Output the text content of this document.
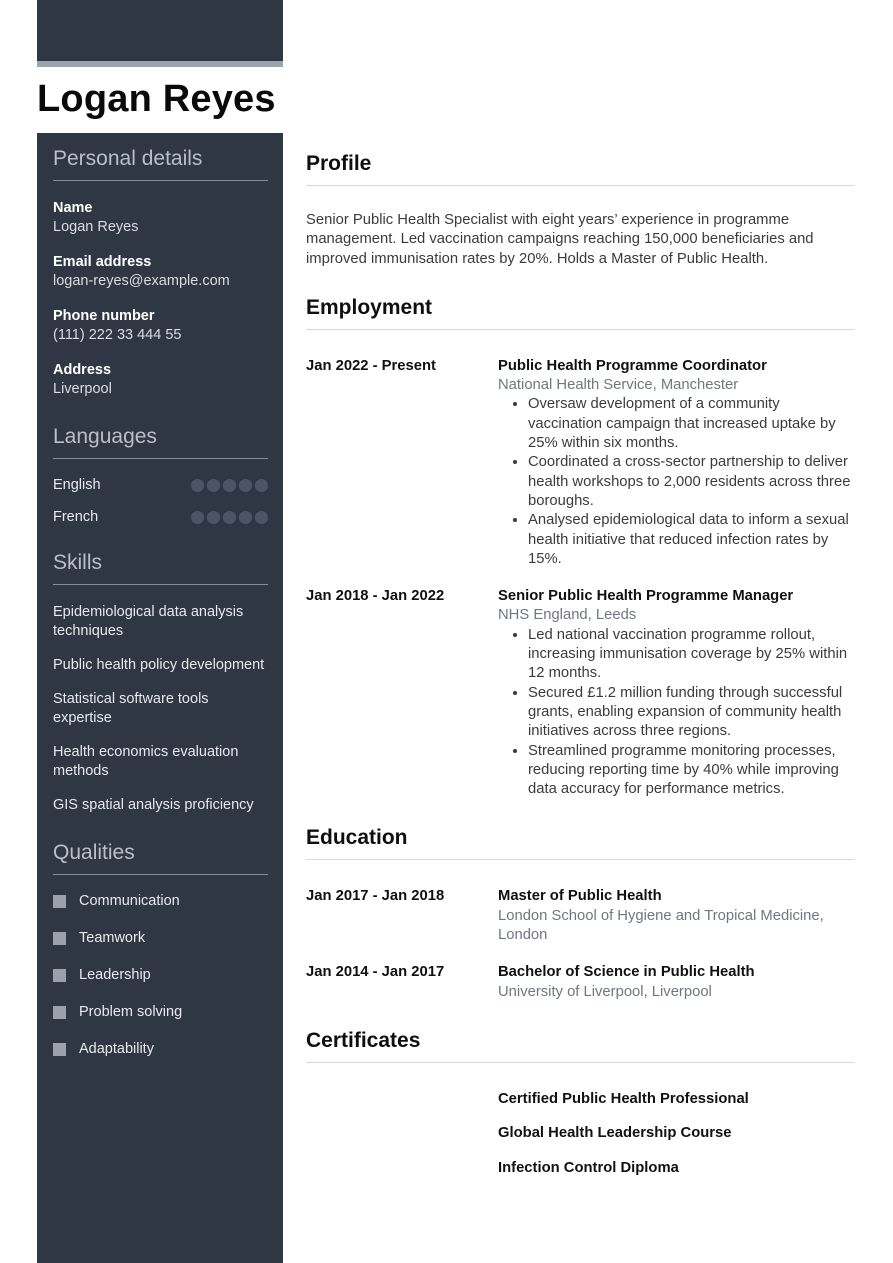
Logan Reyes
Personal details
Name
Logan Reyes
Email address
logan-reyes@example.com
Phone number
(111) 222 33 444 55
Address
Liverpool
Languages
English
French
Skills
Epidemiological data analysis techniques
Public health policy development
Statistical software tools expertise
Health economics evaluation methods
GIS spatial analysis proficiency
Qualities
Communication
Teamwork
Leadership
Problem solving
Adaptability
Profile

Senior Public Health Specialist with eight years’ experience in programme management. Led vaccination campaigns reaching 150,000 beneficiaries and improved immunisation rates by 20%. Holds a Master of Public Health.

Employment
Jan 2022 - Present	Public Health Programme Coordinator
National Health Service, Manchester
• Oversaw development of a community vaccination campaign that increased uptake by 25% within six months.
• Coordinated a cross-sector partnership to deliver health workshops to 2,000 residents across three boroughs.
• Analysed epidemiological data to inform a sexual health initiative that reduced infection rates by 15%.
Jan 2018 - Jan 2022	Senior Public Health Programme Manager
NHS England, Leeds
• Led national vaccination programme rollout, increasing immunisation coverage by 25% within 12 months.
• Secured £1.2 million funding through successful grants, enabling expansion of community health initiatives across three regions.
• Streamlined programme monitoring processes, reducing reporting time by 40% while improving data accuracy for performance metrics.
Education
Jan 2017 - Jan 2018	Master of Public Health
London School of Hygiene and Tropical Medicine, London
Jan 2014 - Jan 2017	Bachelor of Science in Public Health
University of Liverpool, Liverpool
Certificates
Certified Public Health Professional
Global Health Leadership Course
Infection Control Diploma
